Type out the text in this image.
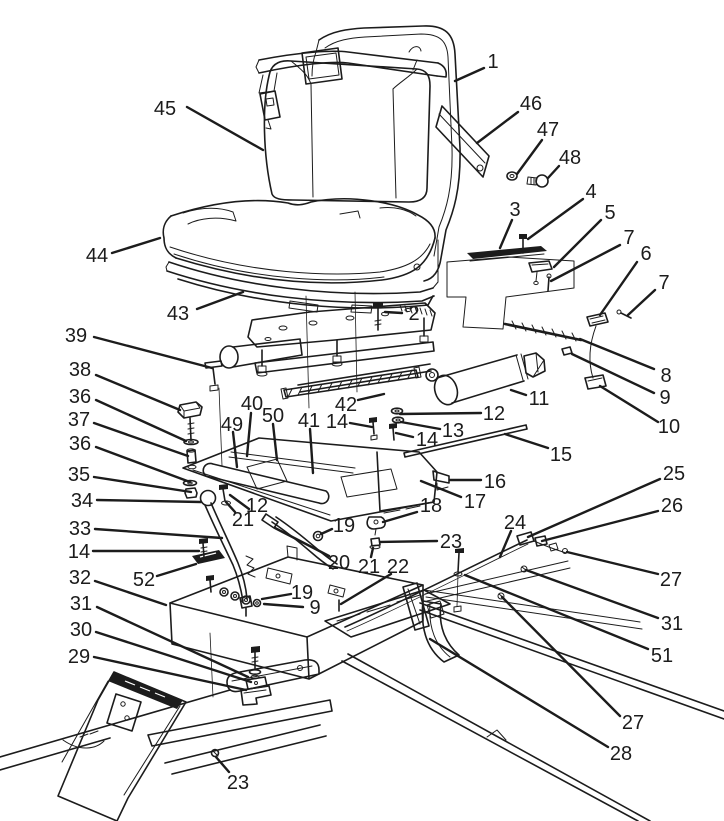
1
46
47
48
45
44
43
3
4
5
7
6
7
2
8
9
10
11
39
38
36
37
36
35
34
33
14
32
31
30
29
52
40
49 50 41
42
14	12
13
14
15
16
17
18
23
24
25
26
12
21	19
20 21 22
19
9
23
27
31
51
27
28
